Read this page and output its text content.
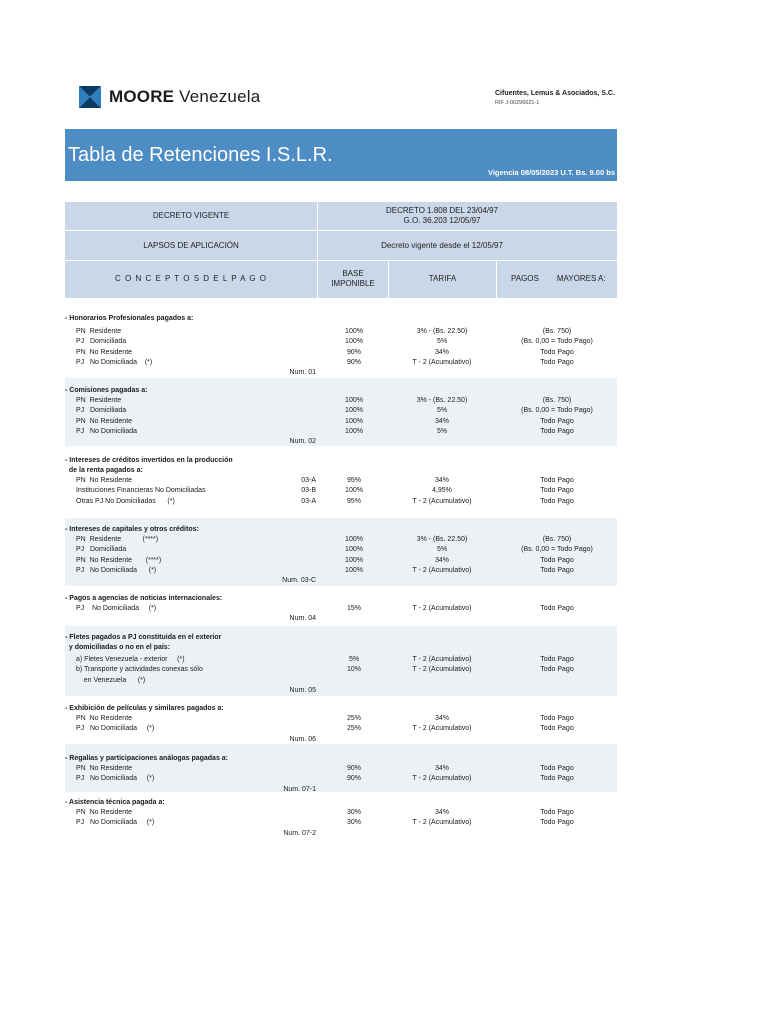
MOORE Venezuela	Cifuentes, Lemus & Asociados, S.C.
RIF J-00296621-1
Tabla de Retenciones I.S.L.R.
Vigencia 08/05/2023 U.T. Bs. 9.00 bs
DECRETO VIGENTE
DECRETO 1.808 DEL 23/04/97
G.O. 36.203 12/05/97
LAPSOS DE APLICACIÓN	Decreto vigente desde el 12/05/97
C O N C E P T O S D E L P A G O
BASE
IMPONIBLE
TARIFA	PAGOS MAYORES A:
- Honorarios Profesionales pagados a:
PN  Residente	100%	3% - (Bs. 22.50)	(Bs. 750)
PJ   Domiciliada	100%	5%	(Bs. 0,00 = Todo Pago)
PN  No Residente	90%	34%	Todo Pago
PJ   No Domiciliada    (*)	90%	T - 2 (Acumulativo)	Todo Pago
Num. 01
- Comisiones pagadas a:
PN  Residente	100%	3% - (Bs. 22.50)	(Bs. 750)
PJ   Domiciliada	100%	5%	(Bs. 0,00 = Todo Pago)
PN  No Residente	100%	34%	Todo Pago
PJ   No Domiciliada	100%	5%	Todo Pago
Num. 02
- Intereses de créditos invertidos en la producción
de la renta pagados a:
PN  No Residente	03-A	95%	34%	Todo Pago
Instituciones Financieras No Domiciliadas	03-B	100%	4,95%	Todo Pago
Otras PJ No Domiciliadas      (*)	03-A	95%	T - 2 (Acumulativo)	Todo Pago
- Intereses de capitales y otros créditos:
PN  Residente           (****)	100%	3% - (Bs. 22.50)	(Bs. 750)
PJ   Domiciliada	100%	5%	(Bs. 0,00 = Todo Pago)
PN  No Residente       (****)	100%	34%	Todo Pago
PJ   No Domiciliada      (*)	100%	T - 2 (Acumulativo)	Todo Pago
Num. 03-C
- Pagos a agencias de noticias internacionales:
PJ    No Domiciliada     (*)	15%	T - 2 (Acumulativo)	Todo Pago
Num. 04
- Fletes pagados a PJ constituida en el exterior
y domiciliadas o no en el país:
a) Fletes Venezuela - exterior     (*)	5%	T - 2 (Acumulativo)	Todo Pago
b) Transporte y actividades conexas sólo	10%	T - 2 (Acumulativo)	Todo Pago
en Venezuela      (*)
Num. 05
- Exhibición de películas y similares pagados a:
PN  No Residente	25%	34%	Todo Pago
PJ   No Domiciliada     (*)	25%	T - 2 (Acumulativo)	Todo Pago
Num. 06
- Regalías y participaciones análogas pagadas a:
PN  No Residente	90%	34%	Todo Pago
PJ   No Domiciliada     (*)	90%	T - 2 (Acumulativo)	Todo Pago
Num. 07-1
- Asistencia técnica pagada a:
PN  No Residente	30%	34%	Todo Pago
PJ   No Domiciliada     (*)	30%	T - 2 (Acumulativo)	Todo Pago
Num. 07-2
